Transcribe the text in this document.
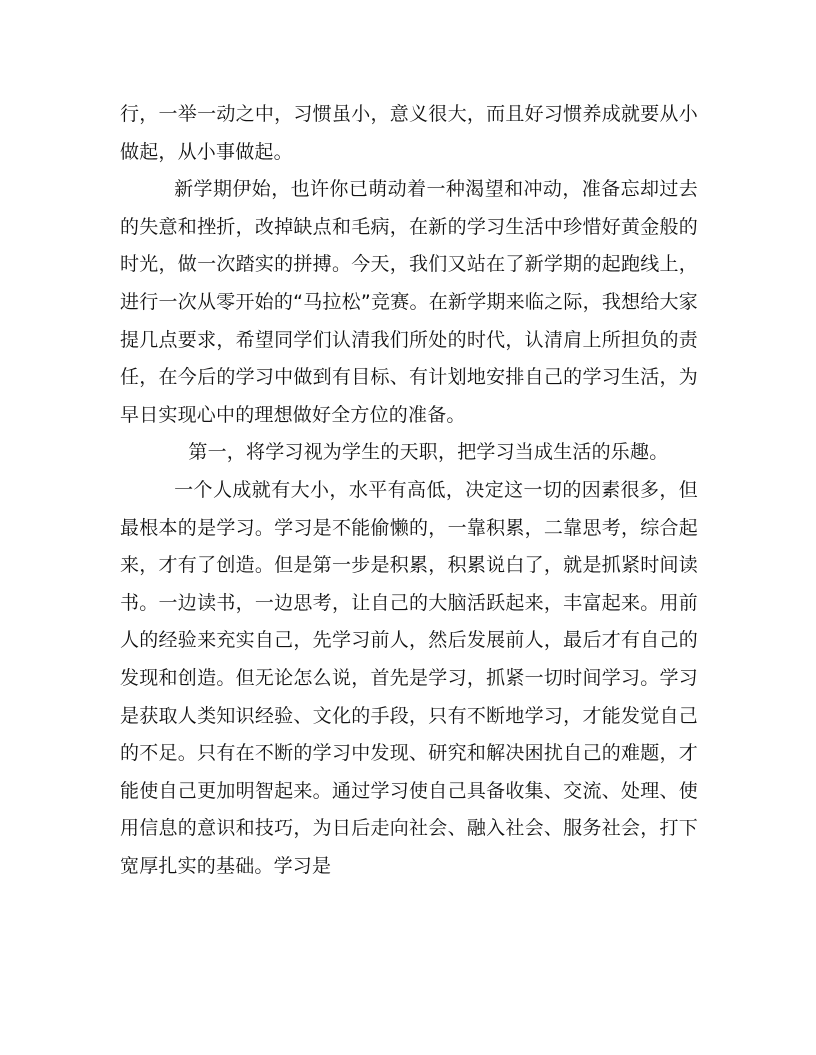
行，一举一动之中，习惯虽小，意义很大，而且好习惯养成就要从小做起，从小事做起。

新学期伊始，也许你已萌动着一种渴望和冲动，准备忘却过去的失意和挫折，改掉缺点和毛病，在新的学习生活中珍惜好黄金般的时光，做一次踏实的拼搏。今天，我们又站在了新学期的起跑线上，进行一次从零开始的“马拉松”竞赛。在新学期来临之际，我想给大家提几点要求，希望同学们认清我们所处的时代，认清肩上所担负的责任，在今后的学习中做到有目标、有计划地安排自己的学习生活，为早日实现心中的理想做好全方位的准备。

第一，将学习视为学生的天职，把学习当成生活的乐趣。

一个人成就有大小，水平有高低，决定这一切的因素很多，但最根本的是学习。学习是不能偷懒的，一靠积累，二靠思考，综合起来，才有了创造。但是第一步是积累，积累说白了，就是抓紧时间读书。一边读书，一边思考，让自己的大脑活跃起来，丰富起来。用前人的经验来充实自己，先学习前人，然后发展前人，最后才有自己的发现和创造。但无论怎么说，首先是学习，抓紧一切时间学习。学习是获取人类知识经验、文化的手段，只有不断地学习，才能发觉自己的不足。只有在不断的学习中发现、研究和解决困扰自己的难题，才能使自己更加明智起来。通过学习使自己具备收集、交流、处理、使用信息的意识和技巧，为日后走向社会、融入社会、服务社会，打下宽厚扎实的基础。学习是
